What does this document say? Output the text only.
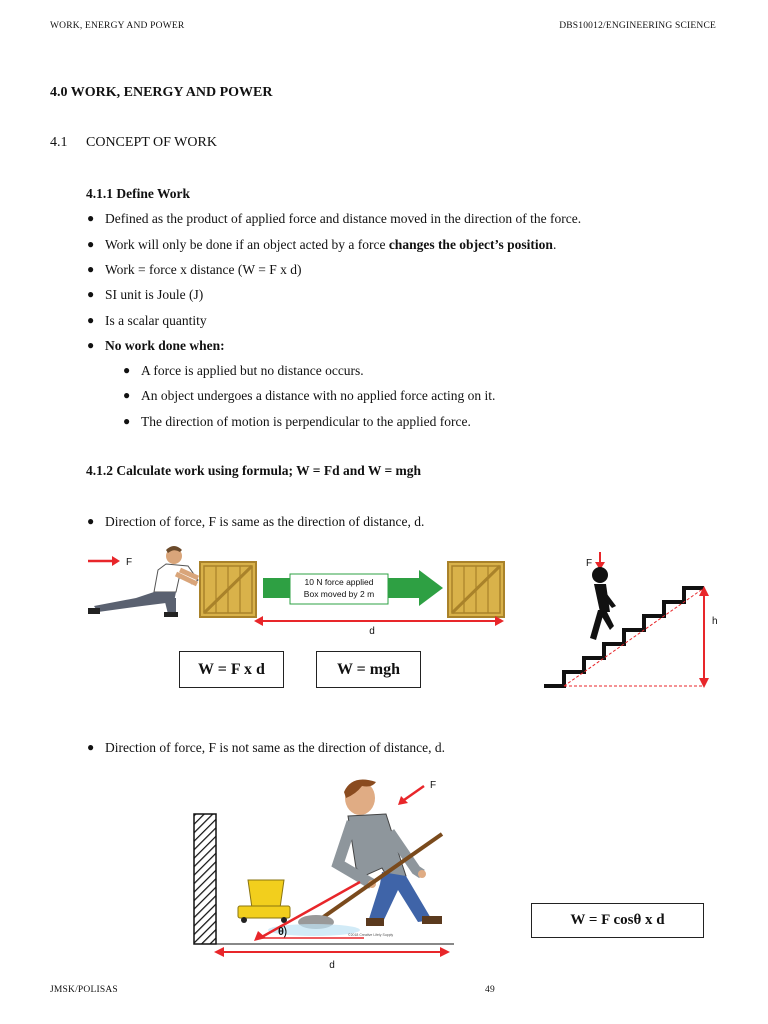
WORK, ENERGY AND POWER	DBS10012/ENGINEERING SCIENCE
4.0 WORK, ENERGY AND POWER
4.1 CONCEPT OF WORK
4.1.1 Define Work
● Defined as the product of applied force and distance moved in the direction of the force.
● Work will only be done if an object acted by a force changes the object’s position.
● Work = force x distance (W = F x d)
● SI unit is Joule (J)
● Is a scalar quantity
● No work done when:
● A force is applied but no distance occurs.
● An object undergoes a distance with no applied force acting on it.
● The direction of motion is perpendicular to the applied force.
4.1.2 Calculate work using formula; W = Fd and W = mgh
● Direction of force, F is same as the direction of distance, d.
F
10 N force applied
Box moved by 2 m
d
W = F x d	W = mgh
F
h
● Direction of force, F is not same as the direction of distance, d.
F
©2018 Creative Lifely Supply
θ
d
W = F cosθ x d
JMSK/POLISAS	49
